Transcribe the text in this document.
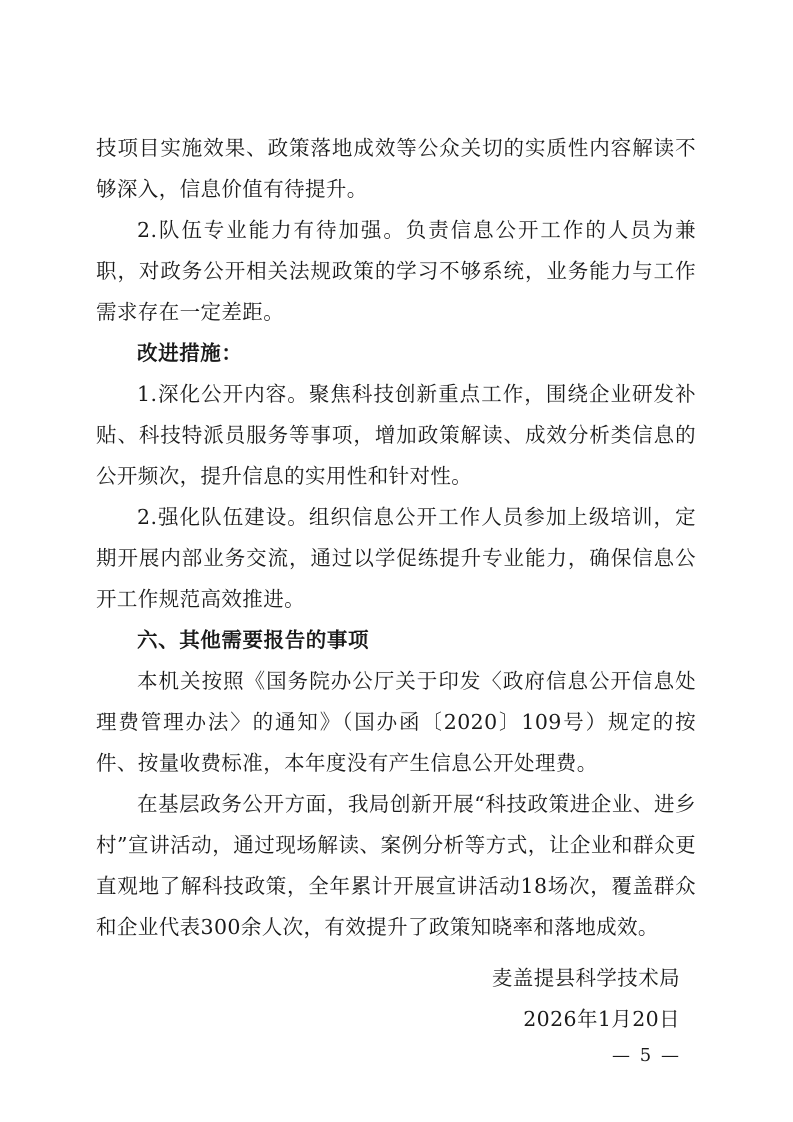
技项目实施效果、政策落地成效等公众关切的实质性内容解读不够深入，信息价值有待提升。

2.队伍专业能力有待加强。负责信息公开工作的人员为兼职，对政务公开相关法规政策的学习不够系统，业务能力与工作需求存在一定差距。

改进措施：

1.深化公开内容。聚焦科技创新重点工作，围绕企业研发补贴、科技特派员服务等事项，增加政策解读、成效分析类信息的公开频次，提升信息的实用性和针对性。

2.强化队伍建设。组织信息公开工作人员参加上级培训，定期开展内部业务交流，通过以学促练提升专业能力，确保信息公开工作规范高效推进。

六、其他需要报告的事项

本机关按照《国务院办公厅关于印发〈政府信息公开信息处理费管理办法〉的通知》（国办函〔2020〕109号）规定的按件、按量收费标准，本年度没有产生信息公开处理费。

在基层政务公开方面，我局创新开展“科技政策进企业、进乡村”宣讲活动，通过现场解读、案例分析等方式，让企业和群众更直观地了解科技政策，全年累计开展宣讲活动18场次，覆盖群众和企业代表300余人次，有效提升了政策知晓率和落地成效。

麦盖提县科学技术局

2026年1月20日

— 5 —
